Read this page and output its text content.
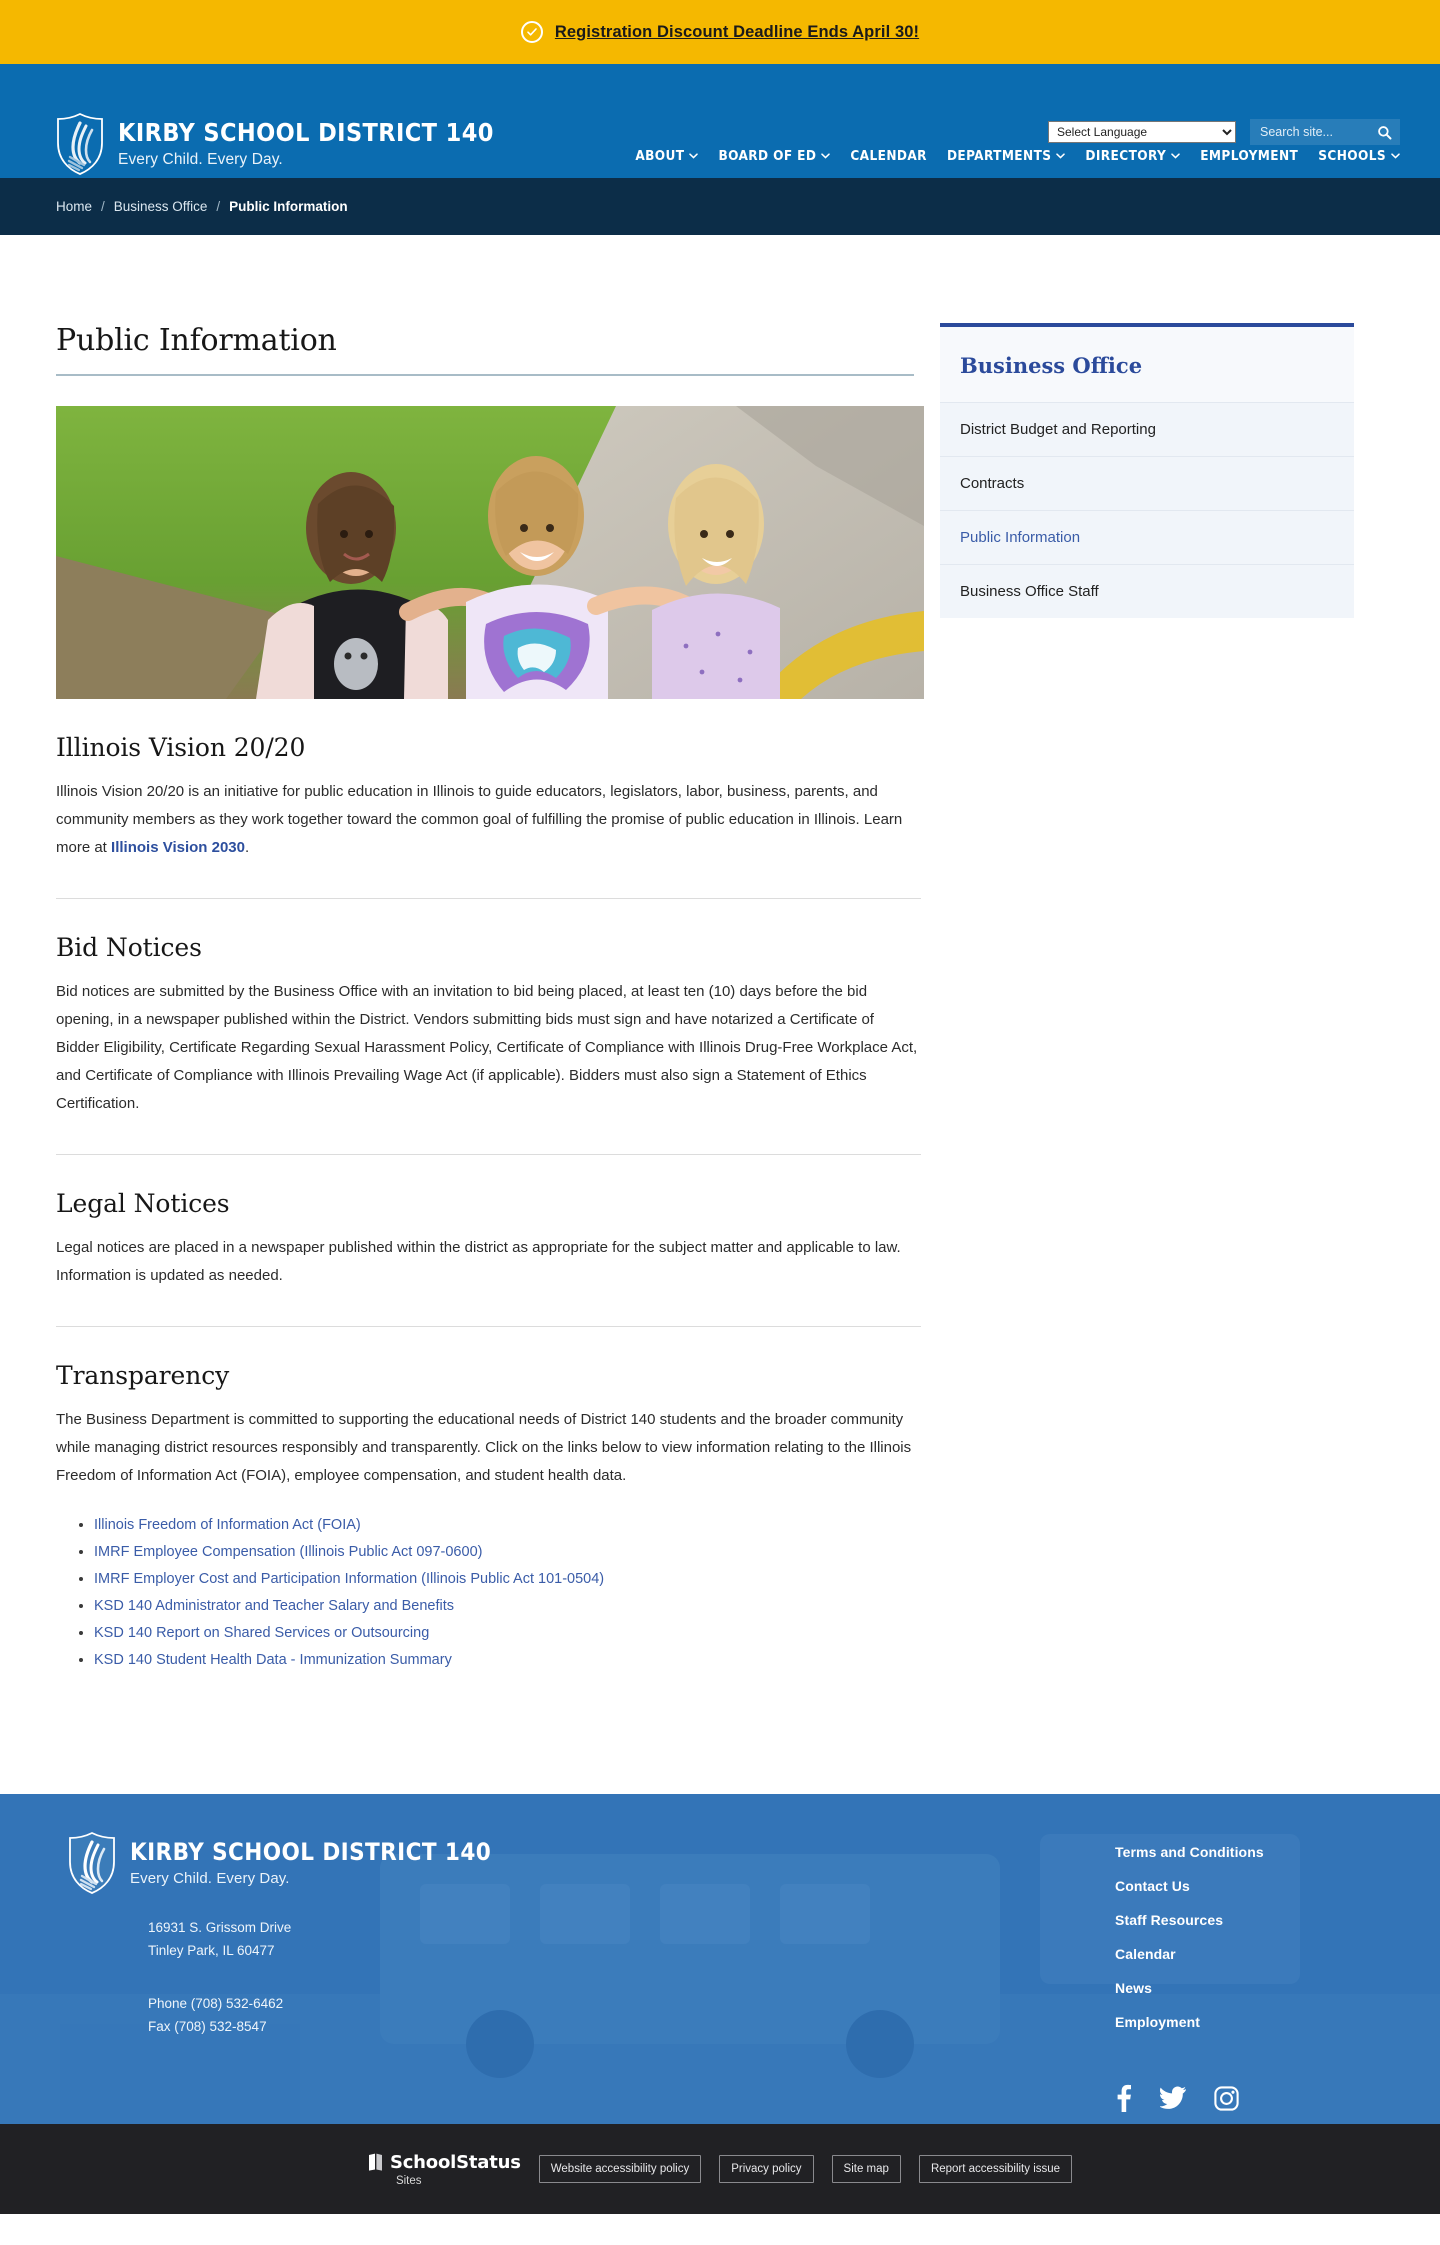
Registration Discount Deadline Ends April 30!
KIRBY SCHOOL DISTRICT 140
Every Child. Every Day.
Select Language
Search site...	ABOUT	BOARD OF ED	CALENDAR DEPARTMENTS	DIRECTORY	EMPLOYMENT SCHOOLS
Home / Business Office / Public Information
Public Information
Illinois Vision 20/20

Illinois Vision 20/20 is an initiative for public education in Illinois to guide educators, legislators, labor, business, parents, and community members as they work together toward the common goal of fulfilling the promise of public education in Illinois. Learn more at Illinois Vision 2030.

Bid Notices

Bid notices are submitted by the Business Office with an invitation to bid being placed, at least ten (10) days before the bid opening, in a newspaper published within the District. Vendors submitting bids must sign and have notarized a Certificate of Bidder Eligibility, Certificate Regarding Sexual Harassment Policy, Certificate of Compliance with Illinois Drug-Free Workplace Act, and Certificate of Compliance with Illinois Prevailing Wage Act (if applicable). Bidders must also sign a Statement of Ethics Certification.

Legal Notices

Legal notices are placed in a newspaper published within the district as appropriate for the subject matter and applicable to law. Information is updated as needed.

Transparency

The Business Department is committed to supporting the educational needs of District 140 students and the broader community while managing district resources responsibly and transparently. Click on the links below to view information relating to the Illinois Freedom of Information Act (FOIA), employee compensation, and student health data.

• Illinois Freedom of Information Act (FOIA)
• IMRF Employee Compensation (Illinois Public Act 097-0600)
• IMRF Employer Cost and Participation Information (Illinois Public Act 101-0504)
• KSD 140 Administrator and Teacher Salary and Benefits
• KSD 140 Report on Shared Services or Outsourcing
• KSD 140 Student Health Data - Immunization Summary
Business Office
District Budget and Reporting
Contracts
Public Information
Business Office Staff
KIRBY SCHOOL DISTRICT 140
Every Child. Every Day.
16931 S. Grissom Drive
Tinley Park, IL 60477
Phone (708) 532-6462
Fax (708) 532-8547
Terms and Conditions
Contact Us
Staff Resources
Calendar
News
Employment
SchoolStatus
Sites
Website accessibility policy	Privacy policy	Site map	Report accessibility issue
